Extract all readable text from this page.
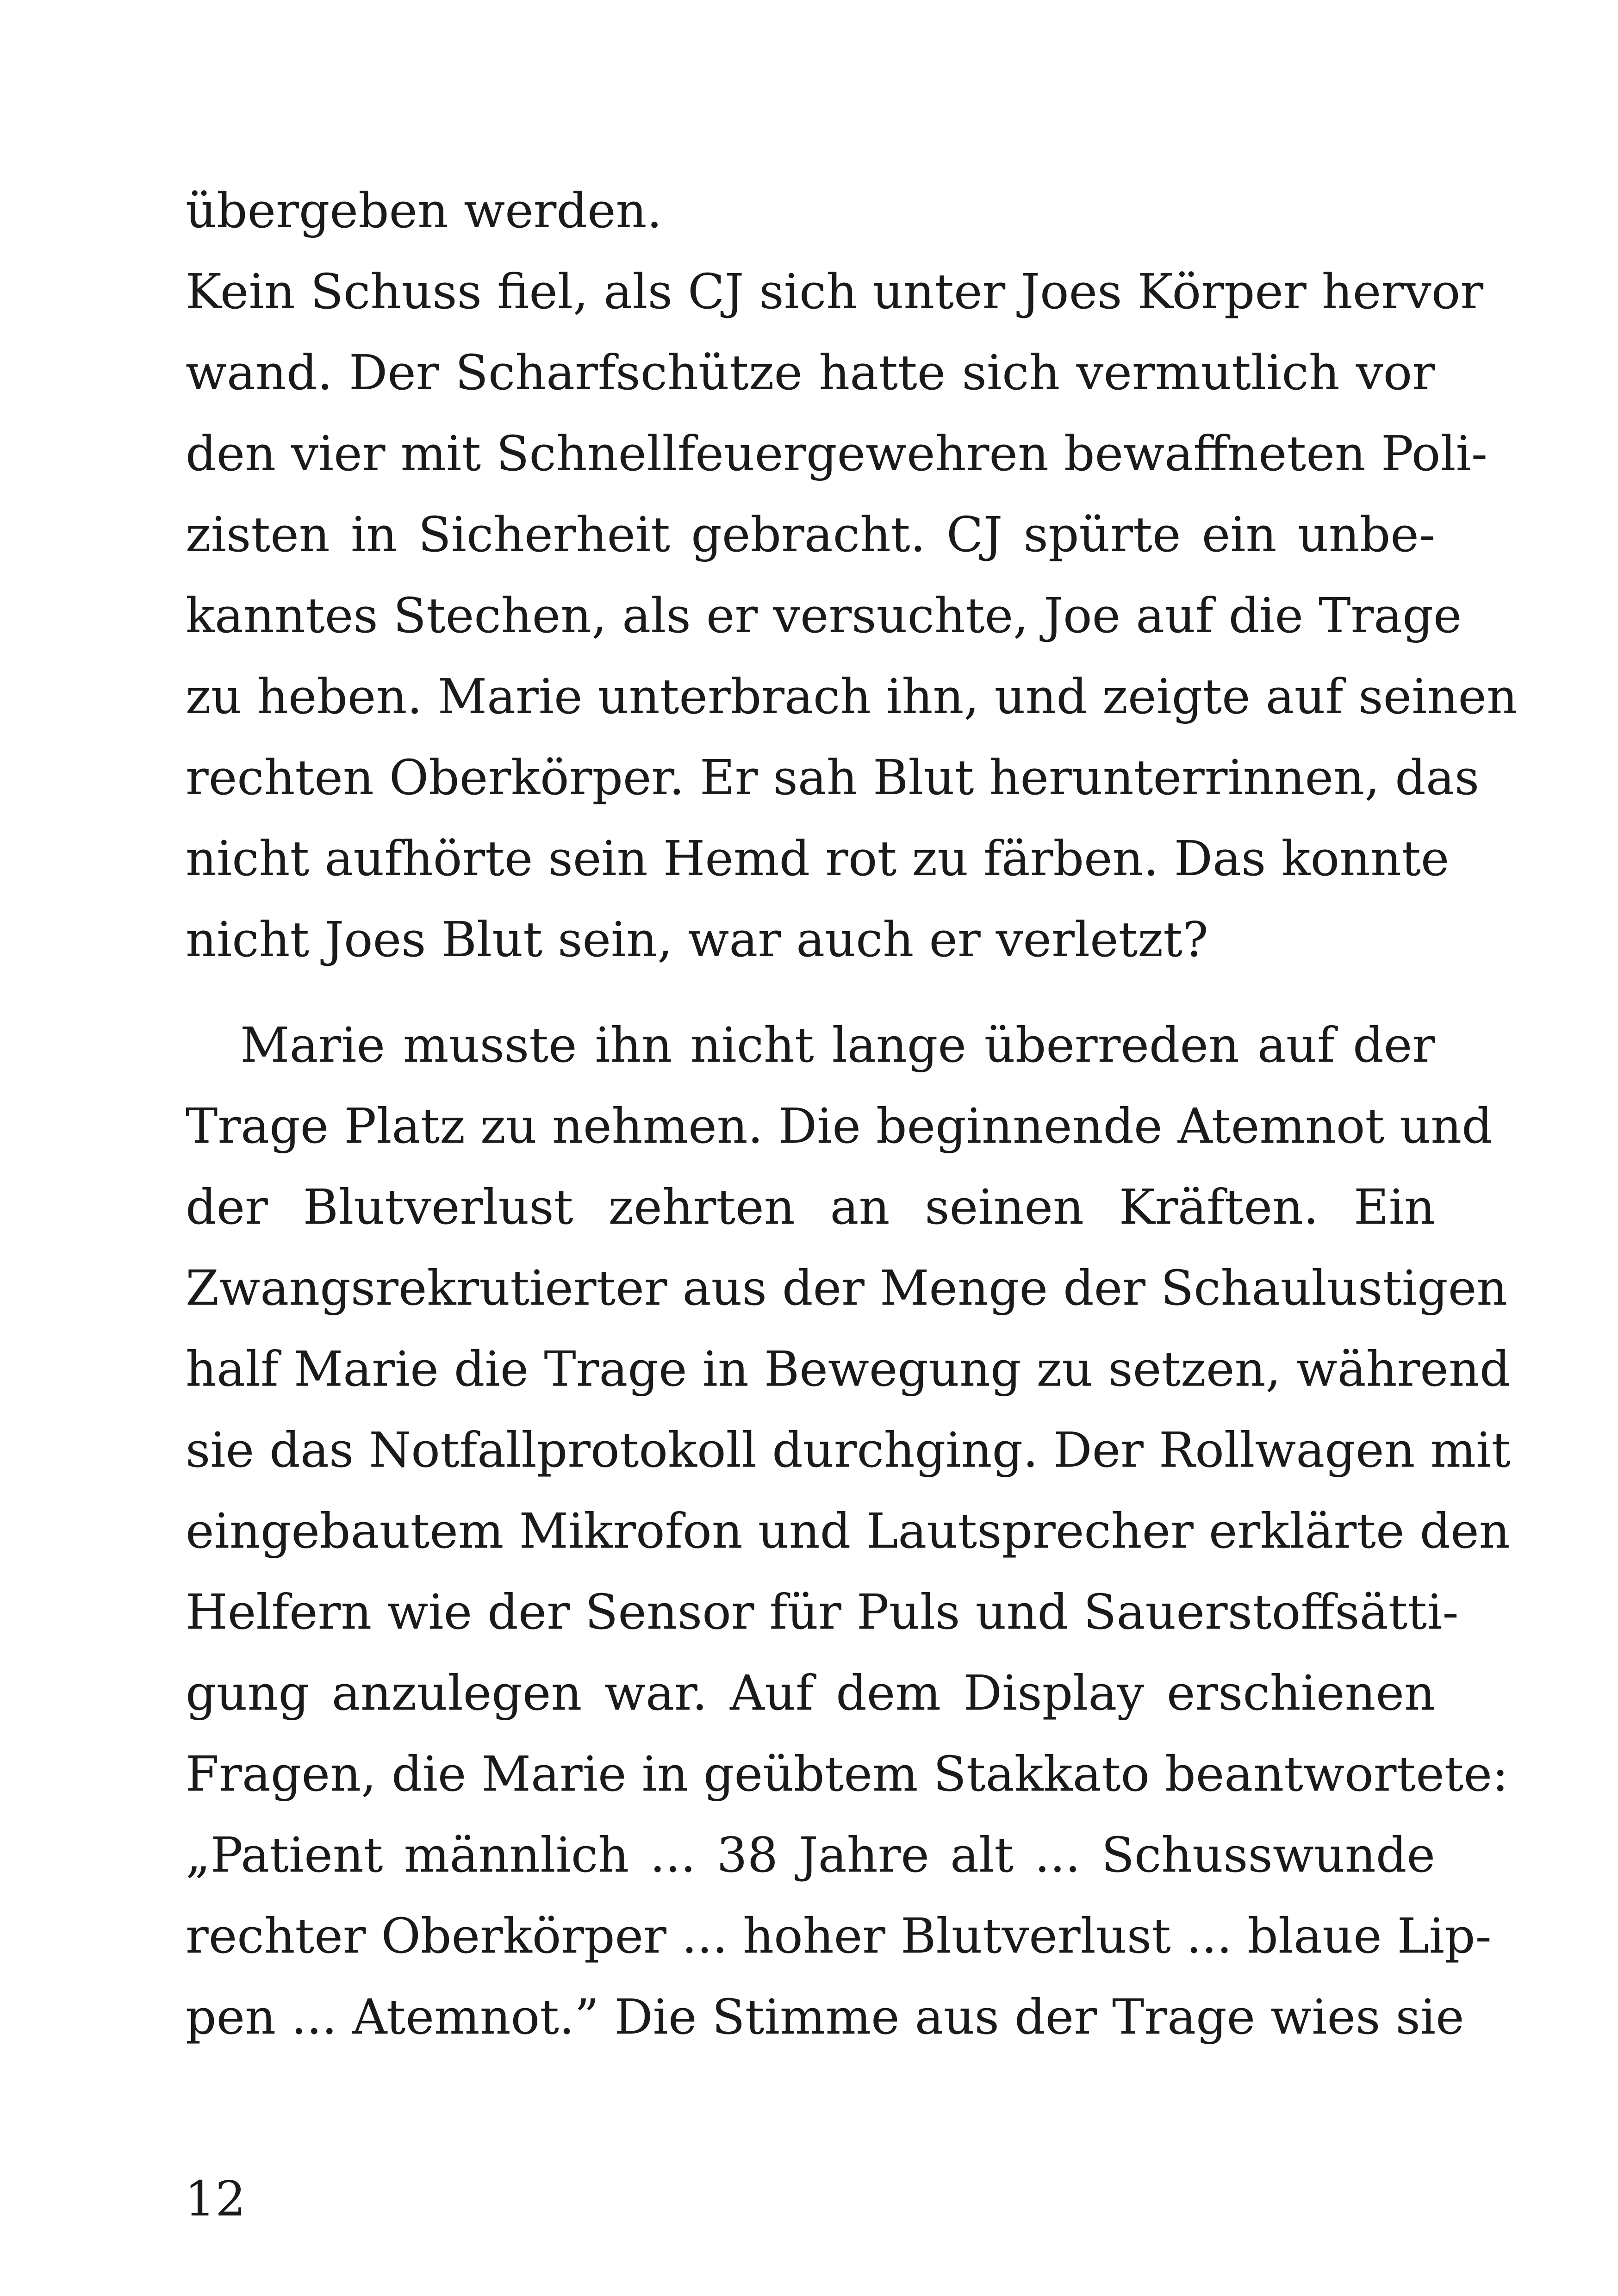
übergeben werden.
Kein Schuss fiel, als CJ sich unter Joes Körper hervor
wand. Der Scharfschütze hatte sich vermutlich vor
den vier mit Schnellfeuergewehren bewaffneten Poli-
zisten in Sicherheit gebracht. CJ spürte ein unbe-
kanntes Stechen, als er versuchte, Joe auf die Trage
zu heben. Marie unterbrach ihn, und zeigte auf seinen
rechten Oberkörper. Er sah Blut herunterrinnen, das
nicht aufhörte sein Hemd rot zu färben. Das konnte
nicht Joes Blut sein, war auch er verletzt?
Marie musste ihn nicht lange überreden auf der
Trage Platz zu nehmen. Die beginnende Atemnot und
der Blutverlust zehrten an seinen Kräften. Ein
Zwangsrekrutierter aus der Menge der Schaulustigen
half Marie die Trage in Bewegung zu setzen, während
sie das Notfallprotokoll durchging. Der Rollwagen mit
eingebautem Mikrofon und Lautsprecher erklärte den
Helfern wie der Sensor für Puls und Sauerstoffsätti-
gung anzulegen war. Auf dem Display erschienen
Fragen, die Marie in geübtem Stakkato beantwortete:
„Patient männlich ... 38 Jahre alt ... Schusswunde
rechter Oberkörper ... hoher Blutverlust ... blaue Lip-
pen ... Atemnot.” Die Stimme aus der Trage wies sie
12
